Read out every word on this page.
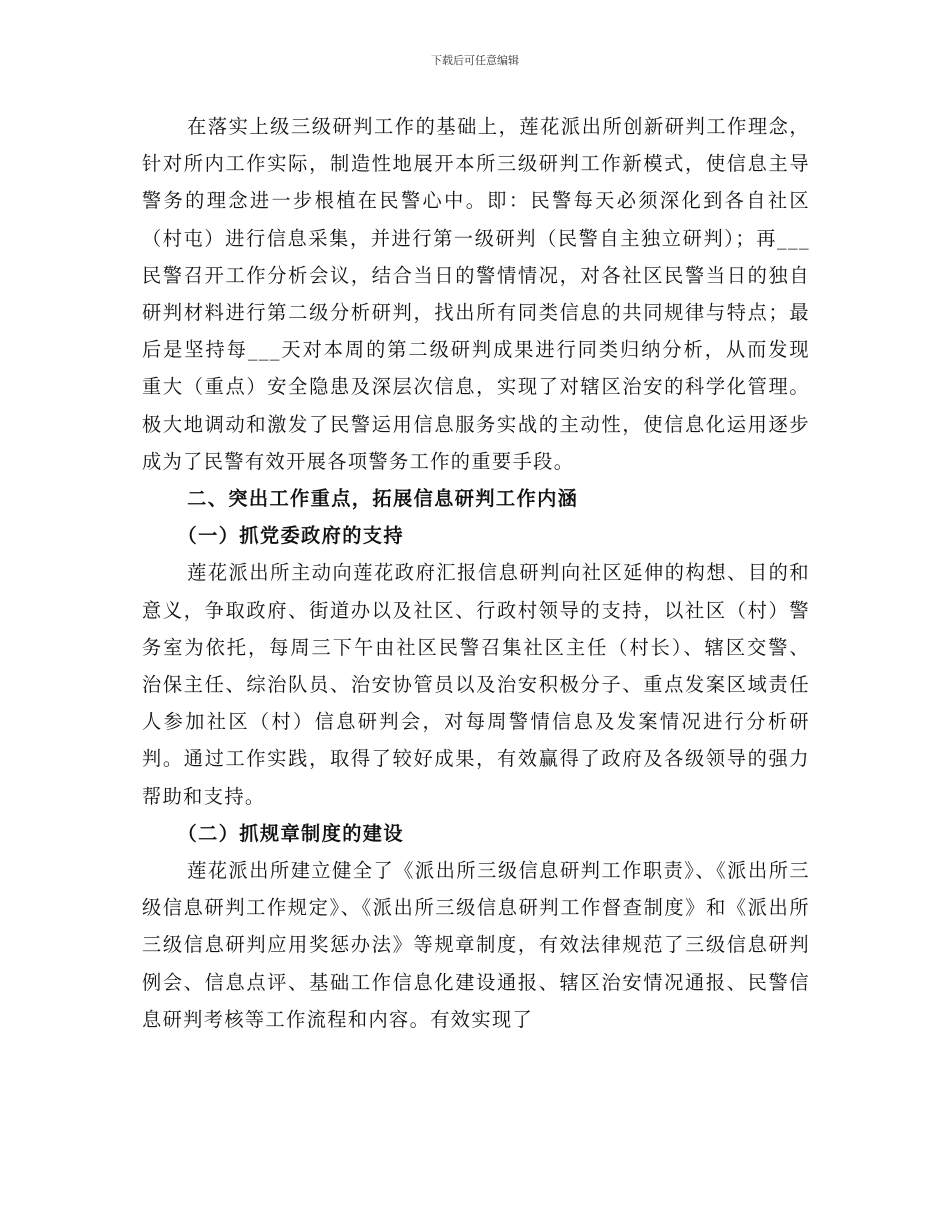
下载后可任意编辑

在落实上级三级研判工作的基础上，莲花派出所创新研判工作理念，针对所内工作实际，制造性地展开本所三级研判工作新模式，使信息主导警务的理念进一步根植在民警心中。即：民警每天必须深化到各自社区（村屯）进行信息采集，并进行第一级研判（民警自主独立研判）；再___民警召开工作分析会议，结合当日的警情情况，对各社区民警当日的独自研判材料进行第二级分析研判，找出所有同类信息的共同规律与特点；最后是坚持每___天对本周的第二级研判成果进行同类归纳分析，从而发现重大（重点）安全隐患及深层次信息，实现了对辖区治安的科学化管理。极大地调动和激发了民警运用信息服务实战的主动性，使信息化运用逐步成为了民警有效开展各项警务工作的重要手段。

二、突出工作重点，拓展信息研判工作内涵
（一）抓党委政府的支持

莲花派出所主动向莲花政府汇报信息研判向社区延伸的构想、目的和意义，争取政府、街道办以及社区、行政村领导的支持，以社区（村）警务室为依托，每周三下午由社区民警召集社区主任（村长）、辖区交警、治保主任、综治队员、治安协管员以及治安积极分子、重点发案区域责任人参加社区（村）信息研判会，对每周警情信息及发案情况进行分析研判。通过工作实践，取得了较好成果，有效赢得了政府及各级领导的强力帮助和支持。

（二）抓规章制度的建设

莲花派出所建立健全了《派出所三级信息研判工作职责》、《派出所三级信息研判工作规定》、《派出所三级信息研判工作督查制度》和《派出所三级信息研判应用奖惩办法》等规章制度，有效法律规范了三级信息研判例会、信息点评、基础工作信息化建设通报、辖区治安情况通报、民警信息研判考核等工作流程和内容。有效实现了
